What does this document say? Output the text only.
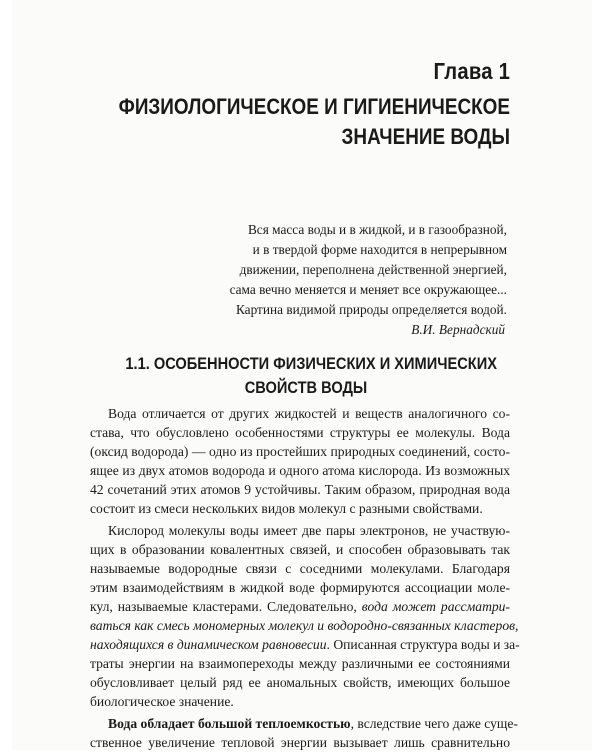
Глава 1
ФИЗИОЛОГИЧЕСКОЕ И ГИГИЕНИЧЕСКОЕ
ЗНАЧЕНИЕ ВОДЫ
Вся масса воды и в жидкой, и в газообразной,
и в твердой форме находится в непрерывном
движении, переполнена действенной энергией,
сама вечно меняется и меняет все окружающее...
Картина видимой природы определяется водой.
В.И. Вернадский
1.1. ОСОБЕННОСТИ ФИЗИЧЕСКИХ И ХИМИЧЕСКИХ
СВОЙСТВ ВОДЫ
Вода отличается от других жидкостей и веществ аналогичного со-
става, что обусловлено особенностями структуры ее молекулы. Вода
(оксид водорода) — одно из простейших природных соединений, состо-
ящее из двух атомов водорода и одного атома кислорода. Из возможных
42 сочетаний этих атомов 9 устойчивы. Таким образом, природная вода
состоит из смеси нескольких видов молекул с разными свойствами.
Кислород молекулы воды имеет две пары электронов, не участвую-
щих в образовании ковалентных связей, и способен образовывать так
называемые водородные связи с соседними молекулами. Благодаря
этим взаимодействиям в жидкой воде формируются ассоциации моле-
кул, называемые кластерами. Следовательно, вода может рассматри-
ваться как смесь мономерных молекул и водородно-связанных кластеров,
находящихся в динамическом равновесии. Описанная структура воды и за-
траты энергии на взаимопереходы между различными ее состояниями
обусловливает целый ряд ее аномальных свойств, имеющих большое
биологическое значение.
Вода обладает большой теплоемкостью, вследствие чего даже суще-
ственное увеличение тепловой энергии вызывает лишь сравнительно
